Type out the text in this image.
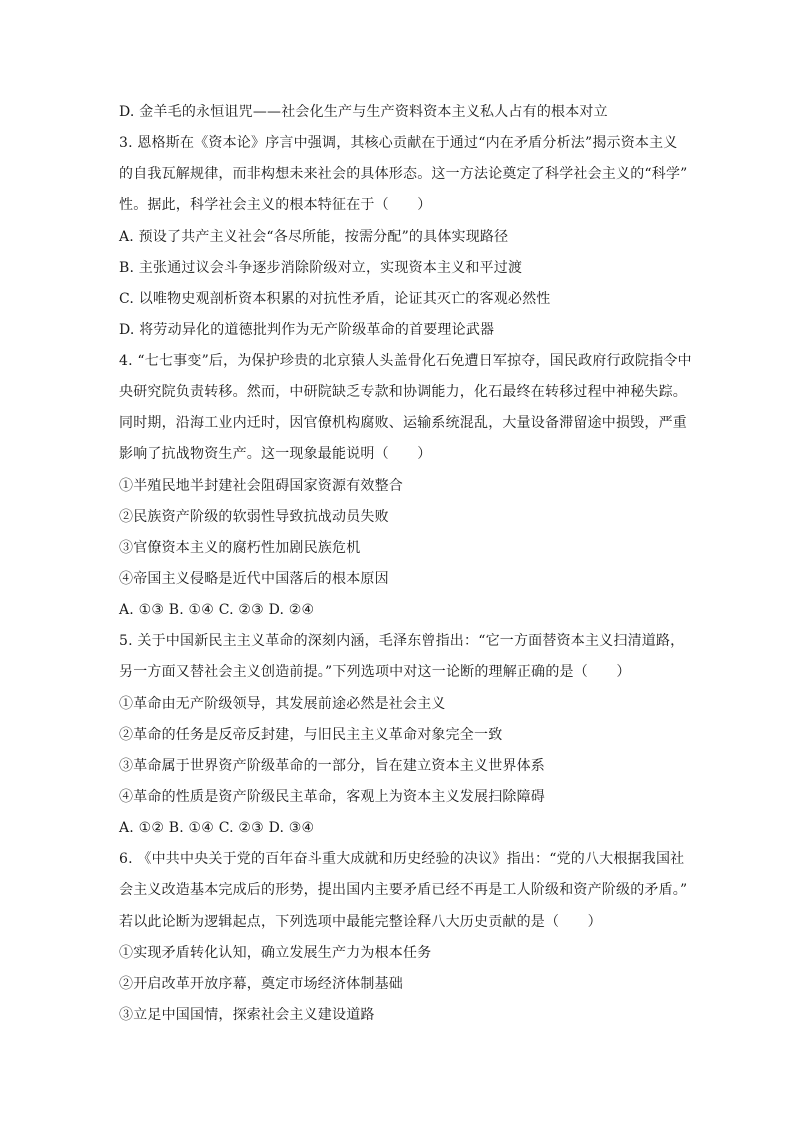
D. 金羊毛的永恒诅咒——社会化生产与生产资料资本主义私人占有的根本对立
3. 恩格斯在《资本论》序言中强调，其核心贡献在于通过“内在矛盾分析法”揭示资本主义
的自我瓦解规律，而非构想未来社会的具体形态。这一方法论奠定了科学社会主义的“科学”
性。据此，科学社会主义的根本特征在于（　　）
A. 预设了共产主义社会“各尽所能，按需分配”的具体实现路径
B. 主张通过议会斗争逐步消除阶级对立，实现资本主义和平过渡
C. 以唯物史观剖析资本积累的对抗性矛盾，论证其灭亡的客观必然性
D. 将劳动异化的道德批判作为无产阶级革命的首要理论武器
4. “七七事变”后，为保护珍贵的北京猿人头盖骨化石免遭日军掠夺，国民政府行政院指令中
央研究院负责转移。然而，中研院缺乏专款和协调能力，化石最终在转移过程中神秘失踪。
同时期，沿海工业内迁时，因官僚机构腐败、运输系统混乱，大量设备滞留途中损毁，严重
影响了抗战物资生产。这一现象最能说明（　　）
①半殖民地半封建社会阻碍国家资源有效整合
②民族资产阶级的软弱性导致抗战动员失败
③官僚资本主义的腐朽性加剧民族危机
④帝国主义侵略是近代中国落后的根本原因
A. ①③ B. ①④ C. ②③ D. ②④
5. 关于中国新民主主义革命的深刻内涵，毛泽东曾指出：“它一方面替资本主义扫清道路，
另一方面又替社会主义创造前提。”下列选项中对这一论断的理解正确的是（　　）
①革命由无产阶级领导，其发展前途必然是社会主义
②革命的任务是反帝反封建，与旧民主主义革命对象完全一致
③革命属于世界资产阶级革命的一部分，旨在建立资本主义世界体系
④革命的性质是资产阶级民主革命，客观上为资本主义发展扫除障碍
A. ①② B. ①④ C. ②③ D. ③④
6. 《中共中央关于党的百年奋斗重大成就和历史经验的决议》指出：“党的八大根据我国社
会主义改造基本完成后的形势，提出国内主要矛盾已经不再是工人阶级和资产阶级的矛盾。”
若以此论断为逻辑起点，下列选项中最能完整诠释八大历史贡献的是（　　）
①实现矛盾转化认知，确立发展生产力为根本任务
②开启改革开放序幕，奠定市场经济体制基础
③立足中国国情，探索社会主义建设道路
